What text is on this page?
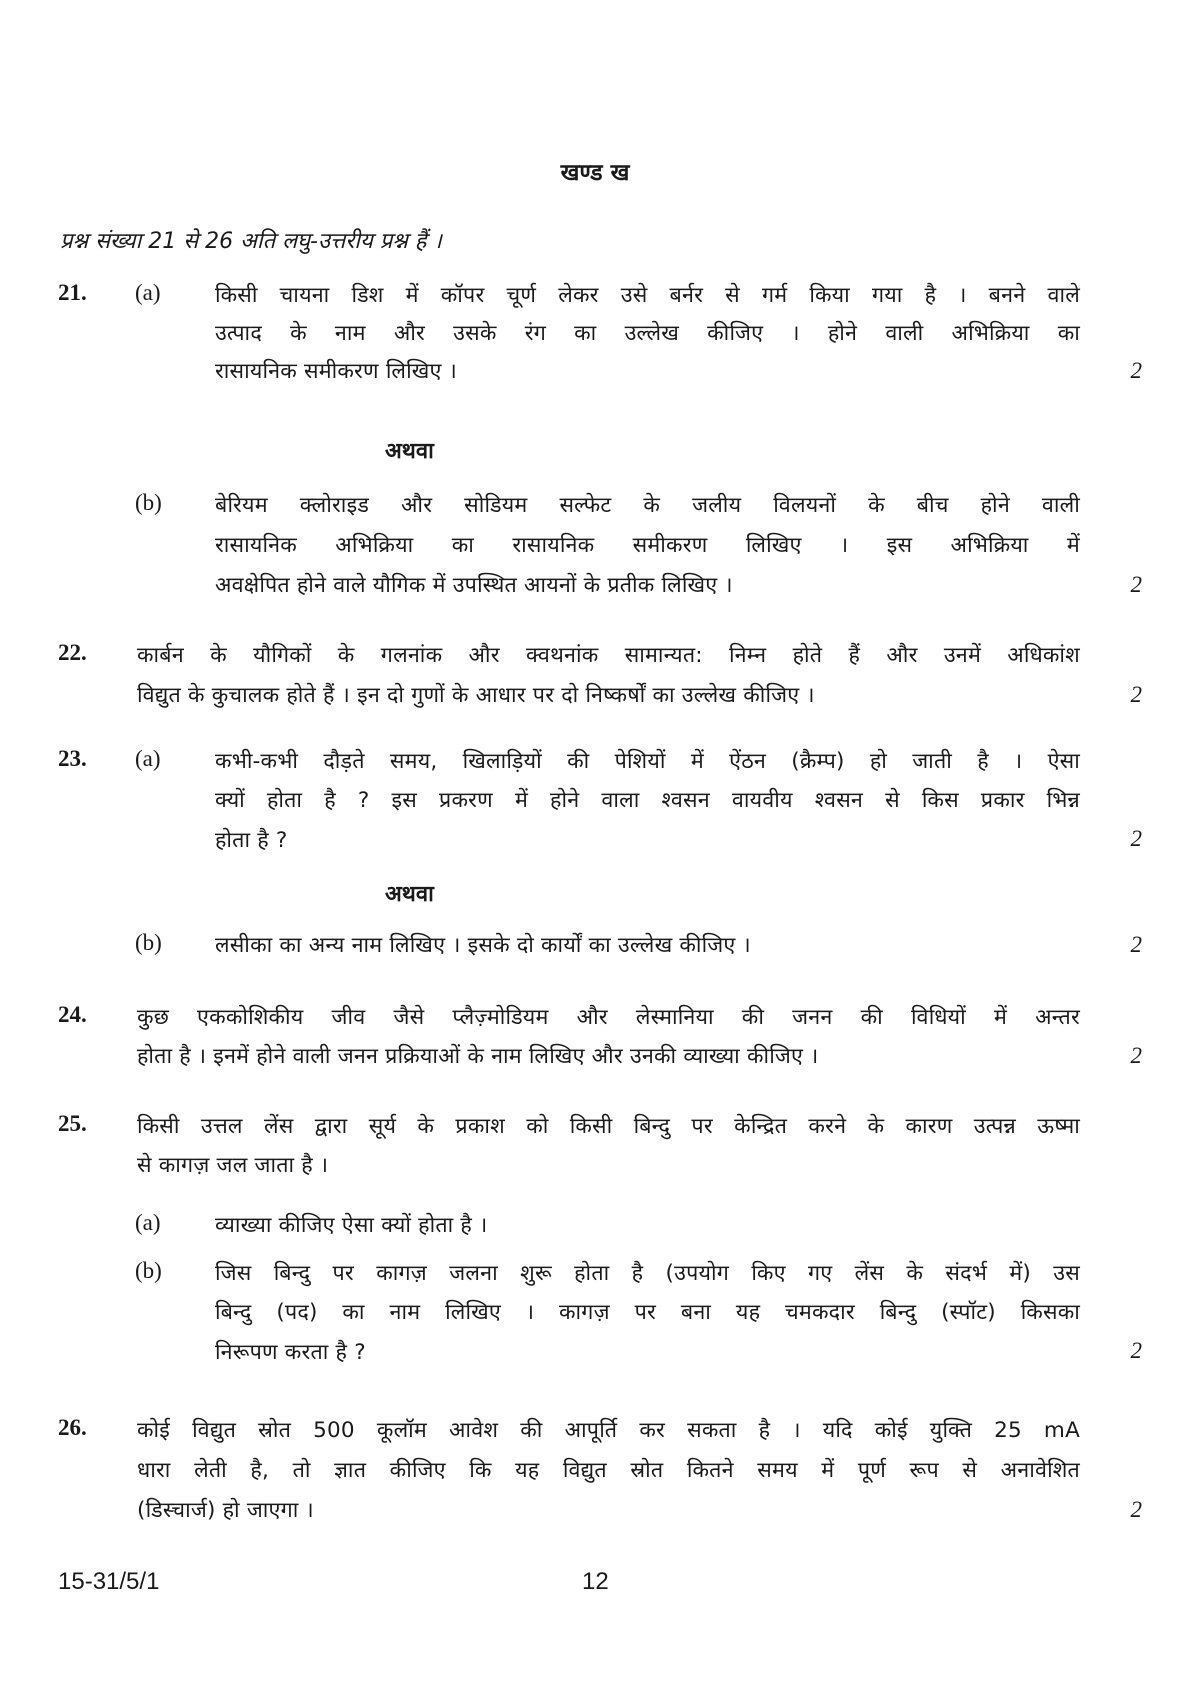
खण्ड ख
प्रश्न संख्या 21 से 26 अति लघु-उत्तरीय प्रश्न हैं ।
21. (a)	किसी चायना डिश में कॉपर चूर्ण लेकर उसे बर्नर से गर्म किया गया है । बनने वाले
उत्पाद के नाम और उसके रंग का उल्लेख कीजिए । होने वाली अभिक्रिया का
रासायनिक समीकरण लिखिए ।	2
अथवा
(b) बेरियम क्लोराइड और सोडियम सल्फेट के जलीय विलयनों के बीच होने वाली
रासायनिक अभिक्रिया का रासायनिक समीकरण लिखिए । इस अभिक्रिया में
अवक्षेपित होने वाले यौगिक में उपस्थित आयनों के प्रतीक लिखिए ।	2
22. कार्बन के यौगिकों के गलनांक और क्वथनांक सामान्यत: निम्न होते हैं और उनमें अधिकांश
विद्युत के कुचालक होते हैं । इन दो गुणों के आधार पर दो निष्कर्षों का उल्लेख कीजिए ।	2
23. (a)	कभी-कभी दौड़ते समय, खिलाड़ियों की पेशियों में ऐंठन (क्रैम्प) हो जाती है । ऐसा
क्यों होता है ? इस प्रकरण में होने वाला श्वसन वायवीय श्वसन से किस प्रकार भिन्न
होता है ?	2
अथवा
(b) लसीका का अन्य नाम लिखिए । इसके दो कार्यों का उल्लेख कीजिए ।	2
24. कुछ एककोशिकीय जीव जैसे प्लैज़्मोडियम और लेस्मानिया की जनन की विधियों में अन्तर
होता है । इनमें होने वाली जनन प्रक्रियाओं के नाम लिखिए और उनकी व्याख्या कीजिए ।	2
25. किसी उत्तल लेंस द्वारा सूर्य के प्रकाश को किसी बिन्दु पर केन्द्रित करने के कारण उत्पन्न ऊष्मा
से कागज़ जल जाता है ।
(a)	व्याख्या कीजिए ऐसा क्यों होता है ।
(b) जिस बिन्दु पर कागज़ जलना शुरू होता है (उपयोग किए गए लेंस के संदर्भ में) उस
बिन्दु (पद) का नाम लिखिए । कागज़ पर बना यह चमकदार बिन्दु (स्पॉट) किसका
निरूपण करता है ?	2
26. कोई विद्युत स्रोत 500 कूलॉम आवेश की आपूर्ति कर सकता है । यदि कोई युक्ति 25 mA
धारा लेती है, तो ज्ञात कीजिए कि यह विद्युत स्रोत कितने समय में पूर्ण रूप से अनावेशित
(डिस्चार्ज) हो जाएगा ।	2
15-31/5/1	12
